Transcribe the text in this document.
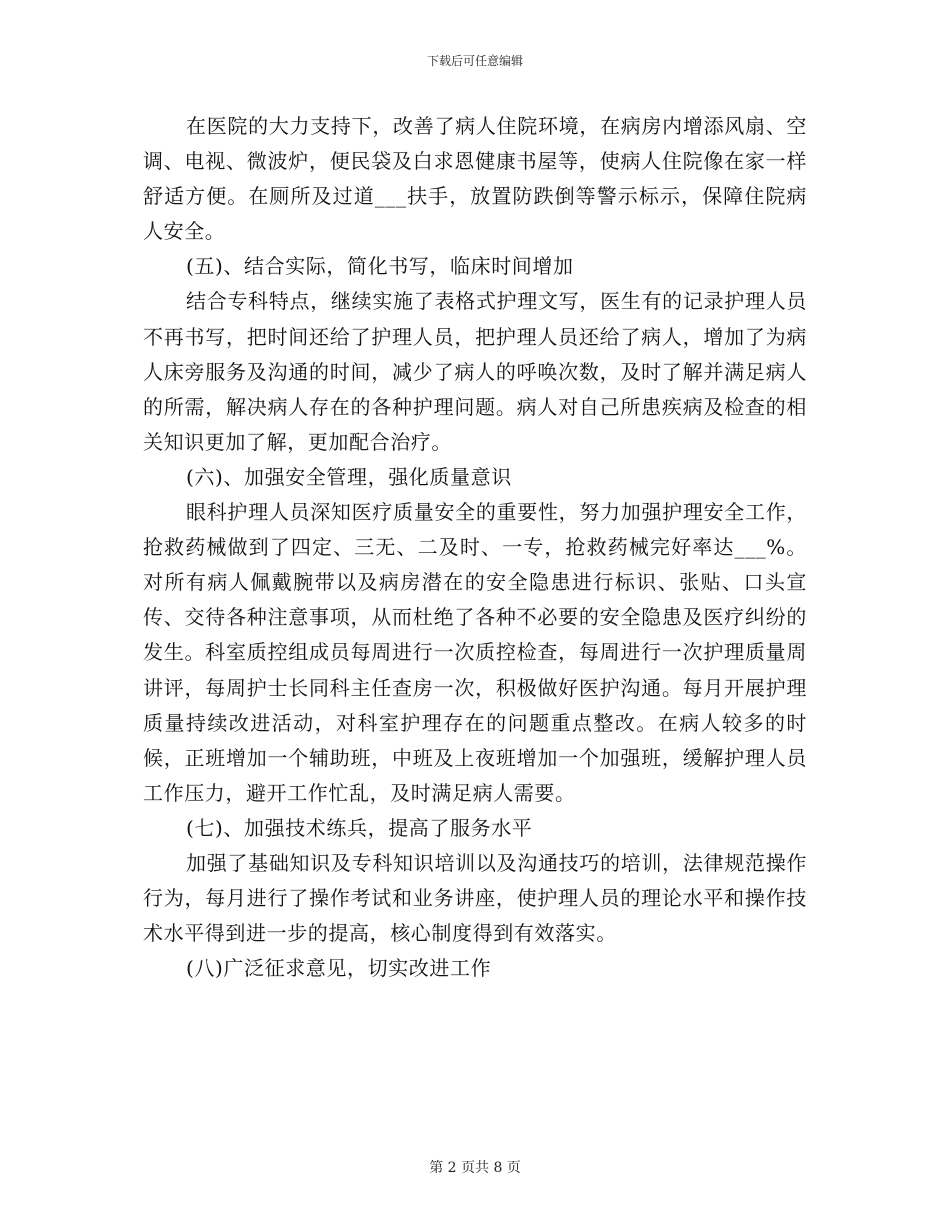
下载后可任意编辑

在医院的大力支持下，改善了病人住院环境，在病房内增添风扇、空调、电视、微波炉，便民袋及白求恩健康书屋等，使病人住院像在家一样舒适方便。在厕所及过道___扶手，放置防跌倒等警示标示，保障住院病人安全。

(五)、结合实际，简化书写，临床时间增加

结合专科特点，继续实施了表格式护理文写，医生有的记录护理人员不再书写，把时间还给了护理人员，把护理人员还给了病人，增加了为病人床旁服务及沟通的时间，减少了病人的呼唤次数，及时了解并满足病人的所需，解决病人存在的各种护理问题。病人对自己所患疾病及检查的相关知识更加了解，更加配合治疗。

(六)、加强安全管理，强化质量意识

眼科护理人员深知医疗质量安全的重要性，努力加强护理安全工作，抢救药械做到了四定、三无、二及时、一专，抢救药械完好率达___%。对所有病人佩戴腕带以及病房潜在的安全隐患进行标识、张贴、口头宣传、交待各种注意事项，从而杜绝了各种不必要的安全隐患及医疗纠纷的发生。科室质控组成员每周进行一次质控检查，每周进行一次护理质量周讲评，每周护士长同科主任查房一次，积极做好医护沟通。每月开展护理质量持续改进活动，对科室护理存在的问题重点整改。在病人较多的时候，正班增加一个辅助班，中班及上夜班增加一个加强班，缓解护理人员工作压力，避开工作忙乱，及时满足病人需要。

(七)、加强技术练兵，提高了服务水平

加强了基础知识及专科知识培训以及沟通技巧的培训，法律规范操作行为，每月进行了操作考试和业务讲座，使护理人员的理论水平和操作技术水平得到进一步的提高，核心制度得到有效落实。

(八)广泛征求意见，切实改进工作

第 2 页共 8 页
